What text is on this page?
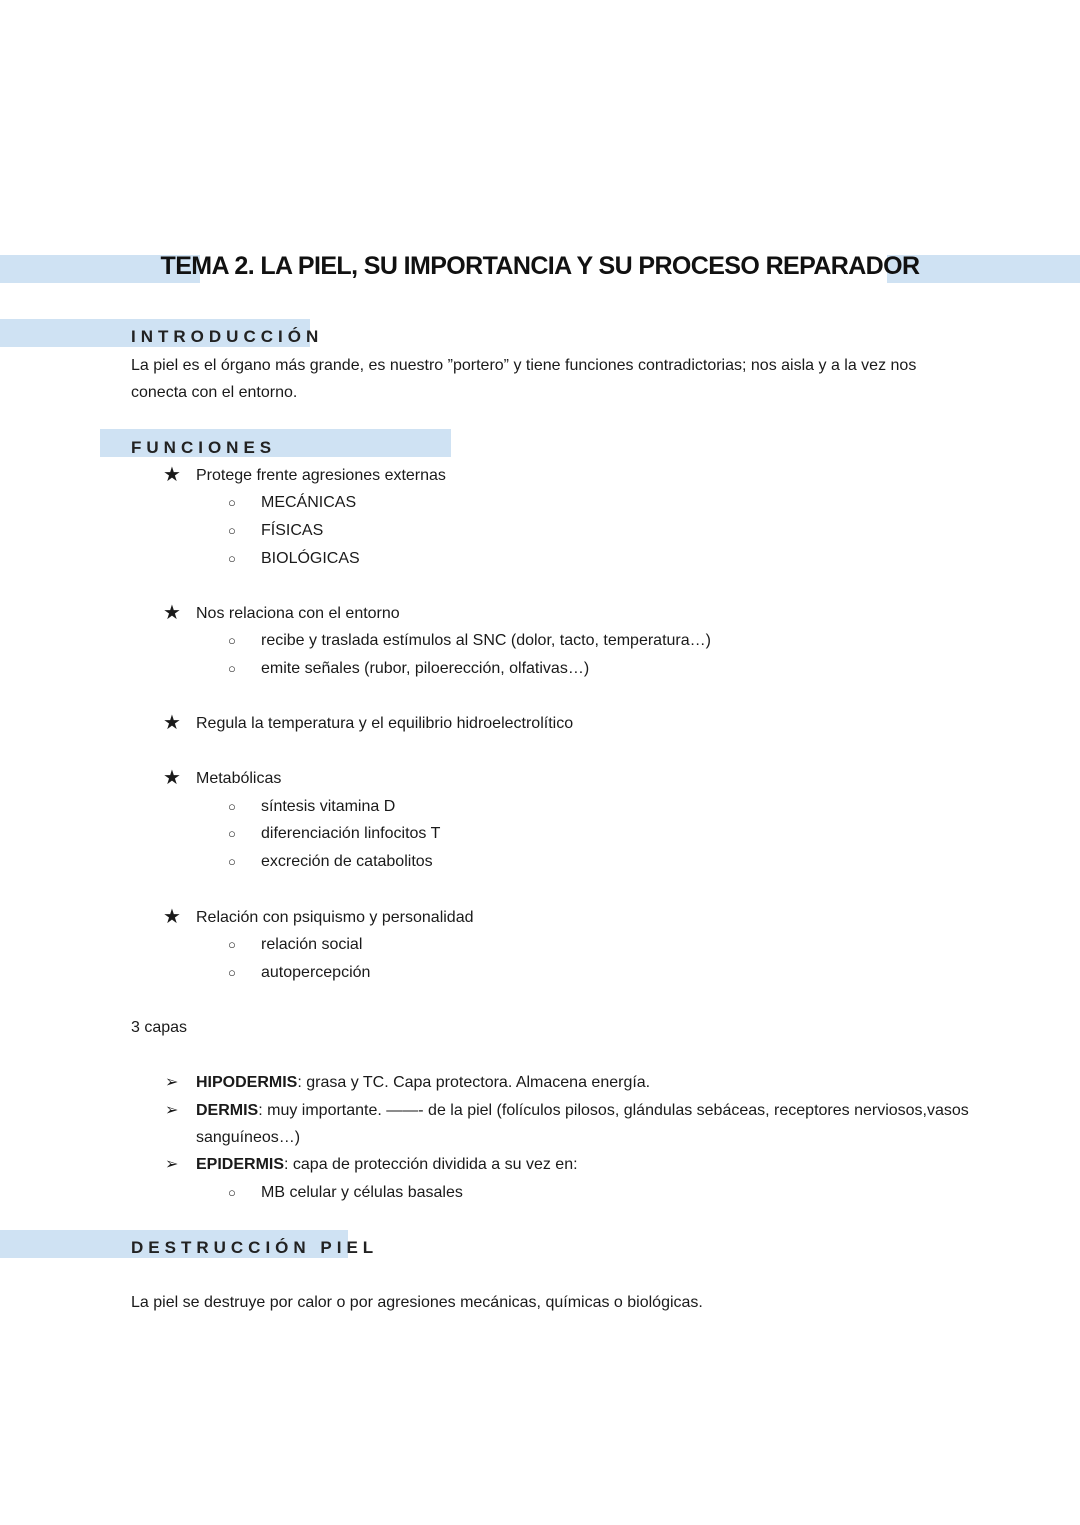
TEMA 2. LA PIEL, SU IMPORTANCIA Y SU PROCESO REPARADOR
INTRODUCCIÓN
La piel es el órgano más grande, es nuestro ”portero” y tiene funciones contradictorias; nos aisla y a la vez nos conecta con el entorno.
FUNCIONES
★ Protege frente agresiones externas
○ MECÁNICAS
○ FÍSICAS
○ BIOLÓGICAS
★ Nos relaciona con el entorno
○ recibe y traslada estímulos al SNC (dolor, tacto, temperatura…)
○ emite señales (rubor, piloerección, olfativas…)
★ Regula la temperatura y el equilibrio hidroelectrolítico
★ Metabólicas
○ síntesis vitamina D
○ diferenciación linfocitos T
○ excreción de catabolitos
★ Relación con psiquismo y personalidad
○ relación social
○ autopercepción
3 capas
➢ HIPODERMIS: grasa y TC. Capa protectora. Almacena energía.
➢ DERMIS: muy importante. ——- de la piel (folículos pilosos, glándulas sebáceas, receptores nerviosos,vasos
sanguíneos…)
➢ EPIDERMIS: capa de protección dividida a su vez en:
○ MB celular y células basales
DESTRUCCIÓN PIEL
La piel se destruye por calor o por agresiones mecánicas, químicas o biológicas.
